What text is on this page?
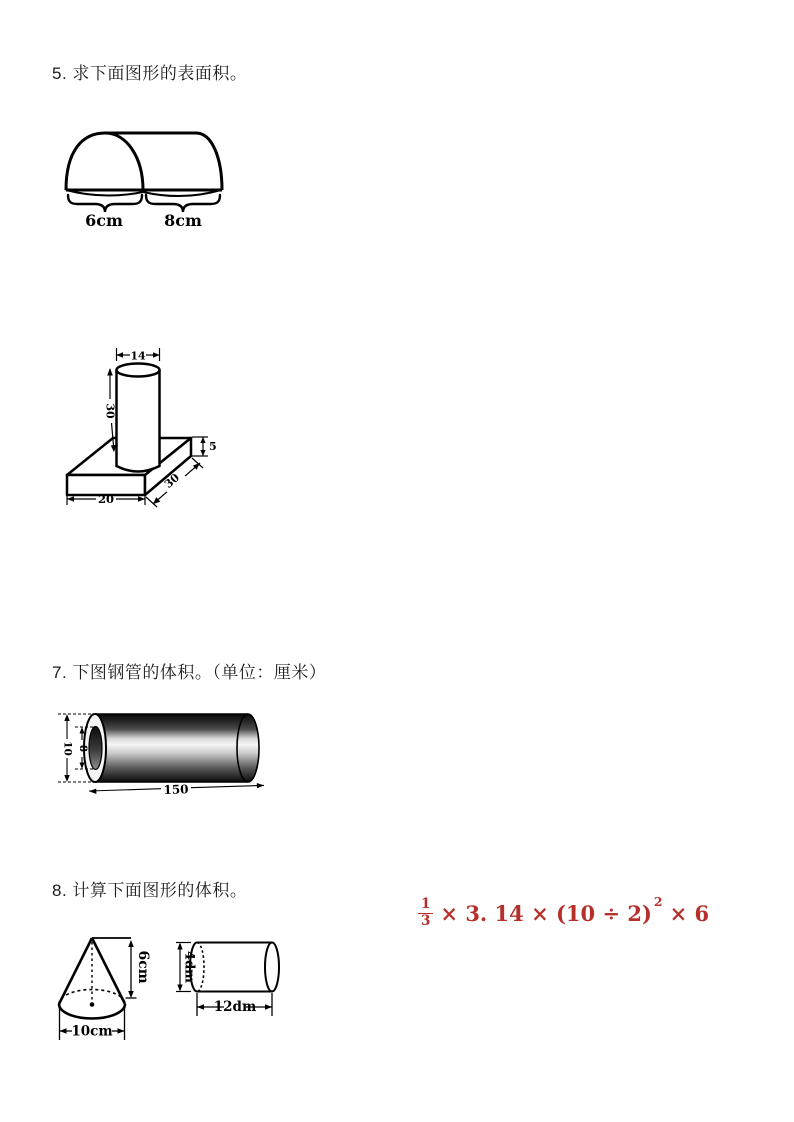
5. 求下面图形的表面积。
6cm	8cm
14
30
5
30
20
7. 下图钢管的体积。（单位：厘米）
10 8
150
8. 计算下面图形的体积。
$\frac{1}{3} \times 3$. $14 \times (10 \div 2)^2 \times 6$
6cm
10cm
4dm
12dm
